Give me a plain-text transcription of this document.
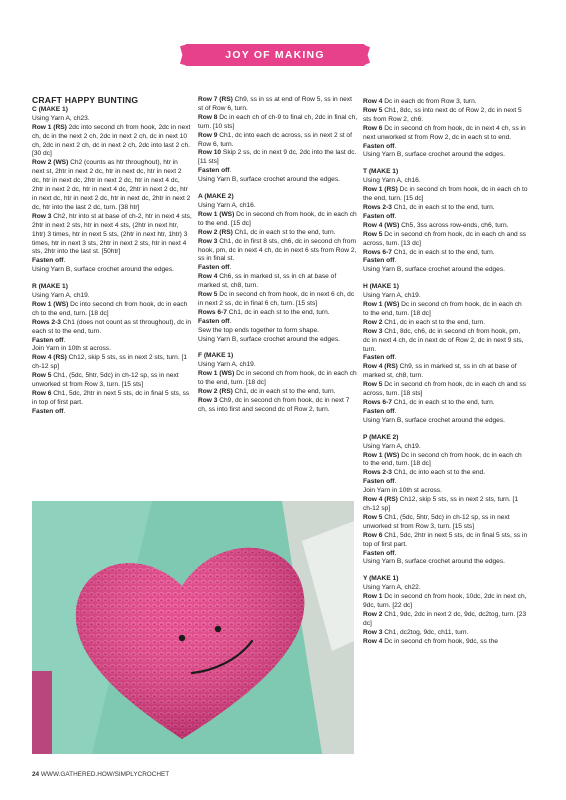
JOY OF MAKING COLLECTION
CRAFT HAPPY BUNTING
C (MAKE 1)
Using Yarn A, ch23.
Row 1 (RS) 2dc into second ch from hook, 2dc in next ch, dc in the next 2 ch, 2dc in next 2 ch, dc in next 10 ch, 2dc in next 2 ch, dc in next 2 ch, 2dc into last 2 ch. [30 dc]
Row 2 (WS) Ch2 (counts as htr throughout), htr in next st, 2htr in next 2 dc, htr in next dc, htr in next 2 dc, htr in next dc, 2htr in next 2 dc, htr in next 4 dc, 2htr in next 2 dc, htr in next 4 dc, 2htr in next 2 dc, htr in next dc, htr in next 2 dc, htr in next dc, 2htr in next 2 dc, htr into the last 2 dc, turn. [38 htr]
Row 3 Ch2, htr into st at base of ch-2, htr in next 4 sts, 2htr in next 2 sts, htr in next 4 sts, (2htr in next htr, 1htr) 3 times, htr in next 5 sts, (2htr in next htr, 1htr) 3 times, htr in next 3 sts, 2htr in next 2 sts, htr in next 4 sts, 2htr into the last st. [50htr]
Fasten off.
Using Yarn B, surface crochet around the edges.
R (MAKE 1)
Using Yarn A, ch19.
Row 1 (WS) Dc into second ch from hook, dc in each ch to the end, turn. [18 dc]
Rows 2-3 Ch1 (does not count as st throughout), dc in each st to the end, turn.
Fasten off.
Join Yarn in 10th st across.
Row 4 (RS) Ch12, skip 5 sts, ss in next 2 sts, turn. [1 ch-12 sp]
Row 5 Ch1, (5dc, 5htr, 5dc) in ch-12 sp, ss in next unworked st from Row 3, turn. [15 sts]
Row 6 Ch1, 5dc, 2htr in next 5 sts, dc in final 5 sts, ss in top of first part.
Fasten off.
Row 7 (RS) Ch9, ss in ss at end of Row 5, ss in next st of Row 6, turn.
Row 8 Dc in each ch of ch-9 to final ch, 2dc in final ch, turn. [10 sts]
Row 9 Ch1, dc into each dc across, ss in next 2 st of Row 6, turn.
Row 10 Skip 2 ss, dc in next 9 dc, 2dc into the last dc. [11 sts]
Fasten off.
Using Yarn B, surface crochet around the edges.
A (MAKE 2)
Using Yarn A, ch16.
Row 1 (WS) Dc in second ch from hook, dc in each ch to the end. [15 dc]
Row 2 (RS) Ch1, dc in each st to the end, turn.
Row 3 Ch1, dc in first 8 sts, ch6, dc in second ch from hook, pm, dc in next 4 ch, dc in next 6 sts from Row 2, ss in final st.
Fasten off.
Row 4 Ch6, ss in marked st, ss in ch at base of marked st, ch8, turn.
Row 5 Dc in second ch from hook, dc in next 6 ch, dc in next 2 ss, dc in final 6 ch, turn. [15 sts]
Rows 6-7 Ch1, dc in each st to the end, turn.
Fasten off.
Sew the top ends together to form shape.
Using Yarn B, surface crochet around the edges.
F (MAKE 1)
Using Yarn A, ch19.
Row 1 (WS) Dc in second ch from hook, dc in each ch to the end, turn. [18 dc]
Row 2 (RS) Ch1, dc in each st to the end, turn.
Row 3 Ch9, dc in second ch from hook, dc in next 7 ch, ss into first and second dc of Row 2, turn.
Row 4 Dc in each dc from Row 3, turn.
Row 5 Ch1, 8dc, ss into next dc of Row 2, dc in next 5 sts from Row 2, ch6.
Row 6 Dc in second ch from hook, dc in next 4 ch, ss in next unworked st from Row 2, dc in each st to end.
Fasten off.
Using Yarn B, surface crochet around the edges.
T (MAKE 1)
Using Yarn A, ch16.
Row 1 (RS) Dc in second ch from hook, dc in each ch to the end, turn. [15 dc]
Rows 2-3 Ch1, dc in each st to the end, turn.
Fasten off.
Row 4 (WS) Ch5, 3ss across row-ends, ch6, turn.
Row 5 Dc in second ch from hook, dc in each ch and ss across, turn. [13 dc]
Rows 6-7 Ch1, dc in each st to the end, turn.
Fasten off.
Using Yarn B, surface crochet around the edges.
H (MAKE 1)
Using Yarn A, ch19.
Row 1 (WS) Dc in second ch from hook, dc in each ch to the end, turn. [18 dc]
Row 2 Ch1, dc in each st to the end, turn.
Row 3 Ch1, 8dc, ch6, dc in second ch from hook, pm, dc in next 4 ch, dc in next dc of Row 2, dc in next 9 sts, turn.
Fasten off.
Row 4 (RS) Ch9, ss in marked st, ss in ch at base of marked st, ch8, turn.
Row 5 Dc in second ch from hook, dc in each ch and ss across, turn. [18 sts]
Rows 6-7 Ch1, dc in each st to the end, turn.
Fasten off.
Using Yarn B, surface crochet around the edges.
P (MAKE 2)
Using Yarn A, ch19.
Row 1 (WS) Dc in second ch from hook, dc in each ch to the end, turn. [18 dc]
Rows 2-3 Ch1, dc into each st to the end.
Fasten off.
Join Yarn in 10th st across.
Row 4 (RS) Ch12, skip 5 sts, ss in next 2 sts, turn. [1 ch-12 sp]
Row 5 Ch1, (5dc, 5htr, 5dc) in ch-12 sp, ss in next unworked st from Row 3, turn. [15 sts]
Row 6 Ch1, 5dc, 2htr in next 5 sts, dc in final 5 sts, ss in top of first part.
Fasten off.
Using Yarn B, surface crochet around the edges.
Y (MAKE 1)
Using Yarn A, ch22.
Row 1 Dc in second ch from hook, 10dc, 2dc in next ch, 9dc, turn. [22 dc]
Row 2 Ch1, 9dc, 2dc in next 2 dc, 9dc, dc2tog, turn. [23 dc]
Row 3 Ch1, dc2tog, 9dc, ch11, turn.
Row 4 Dc in second ch from hook, 9dc, ss the
24 WWW.GATHERED.HOW/SIMPLYCROCHET
PassionForum.ru
